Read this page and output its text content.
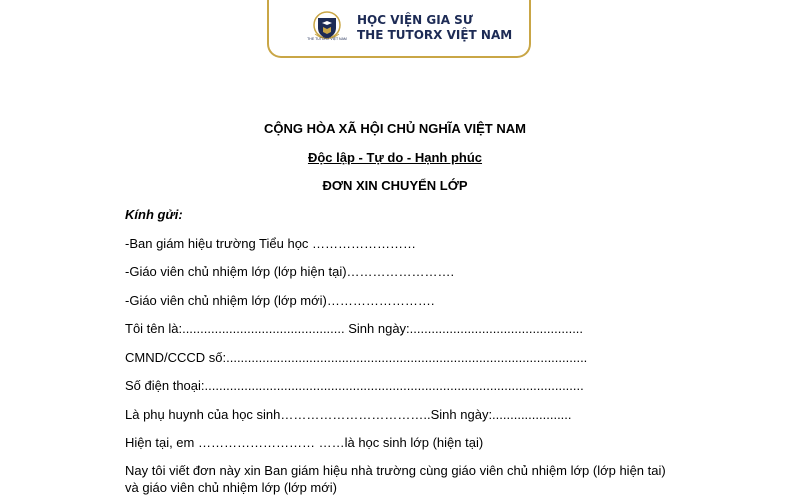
THE TUTORX VIỆT NAM
HỌC VIỆN GIA SƯ
THE TUTORX VIỆT NAM
CỘNG HÒA XÃ HỘI CHỦ NGHĨA VIỆT NAM
Độc lập - Tự do - Hạnh phúc
ĐƠN XIN CHUYỂN LỚP
Kính gửi:
-Ban giám hiệu trường Tiểu học ……………………
-Giáo viên chủ nhiệm lớp (lớp hiện tại)…………………….
-Giáo viên chủ nhiệm lớp (lớp mới)…………………….
Tôi tên là:............................................. Sinh ngày:................................................
CMND/CCCD số:....................................................................................................
Số điện thoại:.........................................................................................................
Là phụ huynh của học sinh……………………………..Sinh ngày:......................
Hiện tại, em ……………………… ……là học sinh lớp (hiện tại)
Nay tôi viết đơn này xin Ban giám hiệu nhà trường cùng giáo viên chủ nhiệm lớp (lớp hiện tai)
và giáo viên chủ nhiệm lớp (lớp mới)
